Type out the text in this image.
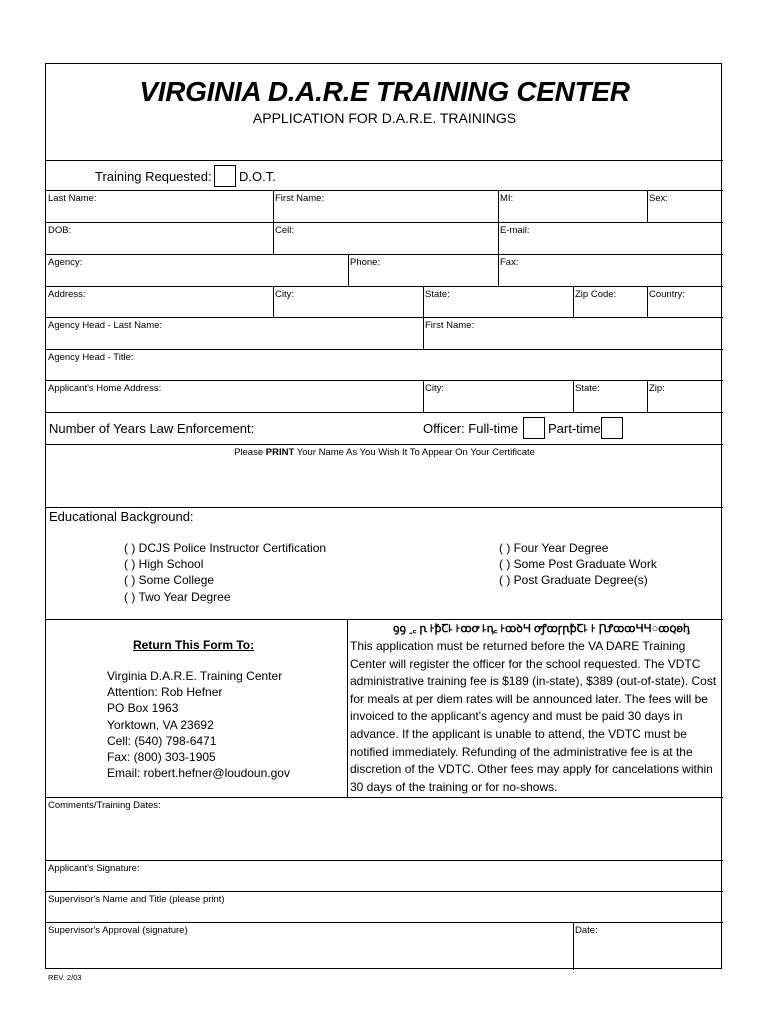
VIRGINIA D.A.R.E TRAINING CENTER
APPLICATION FOR D.A.R.E. TRAININGS
Training Requested: D.O.T.
Last Name:	First Name:	MI:	Sex:
DOB:	Cell:	E-mail:
Agency:	Phone:	Fax:
Address:	City:	State:	Zip Code:	Country:
Agency Head - Last Name:	First Name:
Agency Head - Title:
Applicant's Home Address:	City:	State:	Zip:
Number of Years Law Enforcement:	Officer: Full-time Part-time
Please PRINT Your Name As You Wish It To Appear On Your Certificate
Educational Background:
( ) DCJS Police Instructor Certification
( ) High School
( ) Some College
( ) Two Year Degree
( ) Four Year Degree
( ) Some Post Graduate Work
( ) Post Graduate Degree(s)
Return This Form To:
Virginia D.A.R.E. Training Center
Attention: Rob Hefner
PO Box 1963
Yorktown, VA 23692
Cell: (540) 798-6471
Fax: (800) 303-1905
Email: robert.hefner@loudoun.gov
ꝯꝯ ꞈ꜀ ꞃ ꜔ꝥꞆ꜕ ꜔ꝏꝍ ꜕ꞑ꜀ ꜔ꝏꝺꞍ ꝍꝭꝏꞅꞃꝥꞆ꜕ ꜔ ꞂꝬꝏꝏꞍꞍ○ꝏꞯꞝꞕ
This application must be returned before the VA DARE Training Center will register the officer for the school requested. The VDTC administrative training fee is $189 (in-state), $389 (out-of-state). Cost for meals at per diem rates will be announced later. The fees will be invoiced to the applicant's agency and must be paid 30 days in advance. If the applicant is unable to attend, the VDTC must be notified immediately. Refunding of the administrative fee is at the discretion of the VDTC. Other fees may apply for cancelations within 30 days of the training or for no-shows.
Comments/Training Dates:
Applicant's Signature:
Supervisor's Name and Title (please print)
Supervisor's Approval (signature)	Date:
REV. 2/03
